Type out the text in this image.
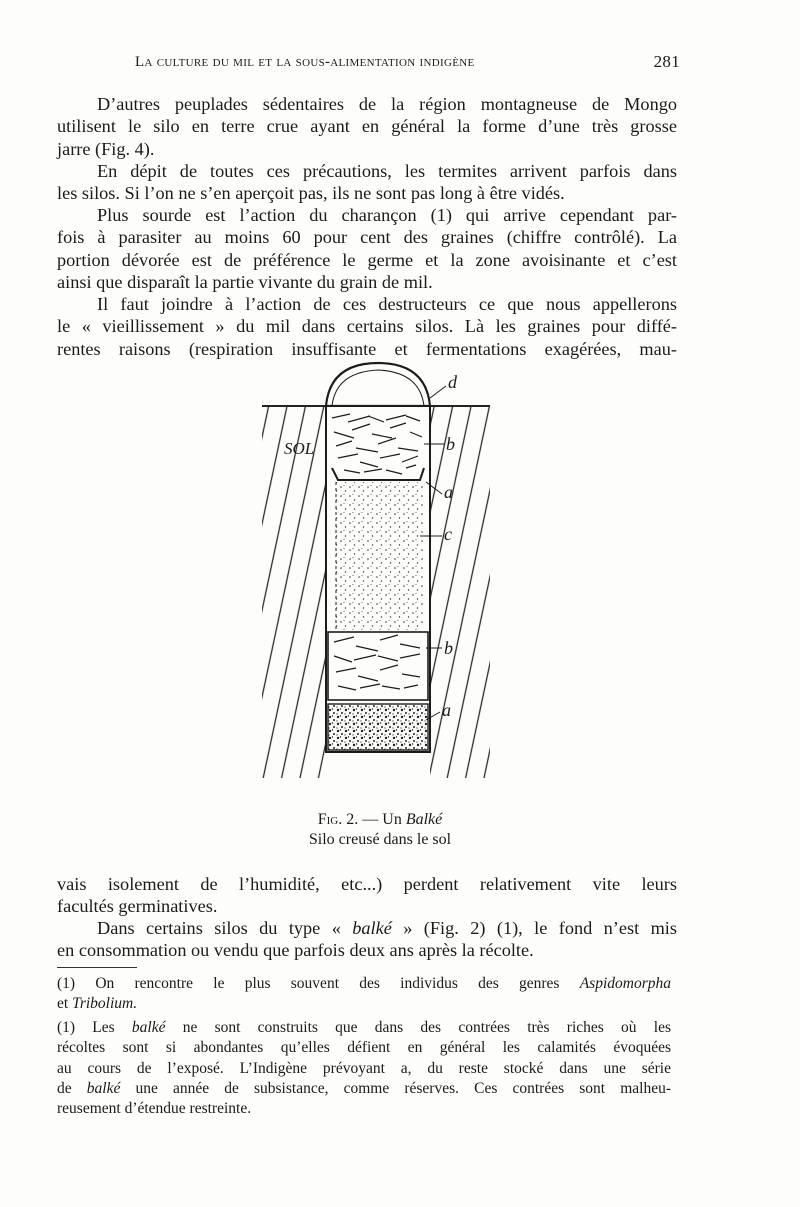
La culture du mil et la sous-alimentation indigène	281

D’autres peuplades sédentaires de la région montagneuse de Mongo
utilisent le silo en terre crue ayant en général la forme d’une très grosse
jarre (Fig. 4).

En dépit de toutes ces précautions, les termites arrivent parfois dans
les silos. Si l’on ne s’en aperçoit pas, ils ne sont pas long à être vidés.

Plus sourde est l’action du charançon (1) qui arrive cependant par-
fois à parasiter au moins 60 pour cent des graines (chiffre contrôlé). La
portion dévorée est de préférence le germe et la zone avoisinante et c’est
ainsi que disparaît la partie vivante du grain de mil.

Il faut joindre à l’action de ces destructeurs ce que nous appellerons
le « vieillissement » du mil dans certains silos. Là les graines pour diffé-
rentes raisons (respiration insuffisante et fermentations exagérées, mau-

SOL
d
b
a
c
b
a
Fig. 2. — Un Balké
Silo creusé dans le sol

vais isolement de l’humidité, etc...) perdent relativement vite leurs
facultés germinatives.

Dans certains silos du type « balké » (Fig. 2) (1), le fond n’est mis
en consommation ou vendu que parfois deux ans après la récolte.

(1) On rencontre le plus souvent des individus des genres Aspidomorpha
et Tribolium.

(1) Les balké ne sont construits que dans des contrées très riches où les
récoltes sont si abondantes qu’elles défient en général les calamités évoquées
au cours de l’exposé. L’Indigène prévoyant a, du reste stocké dans une série
de balké une année de subsistance, comme réserves. Ces contrées sont malheu-
reusement d’étendue restreinte.
